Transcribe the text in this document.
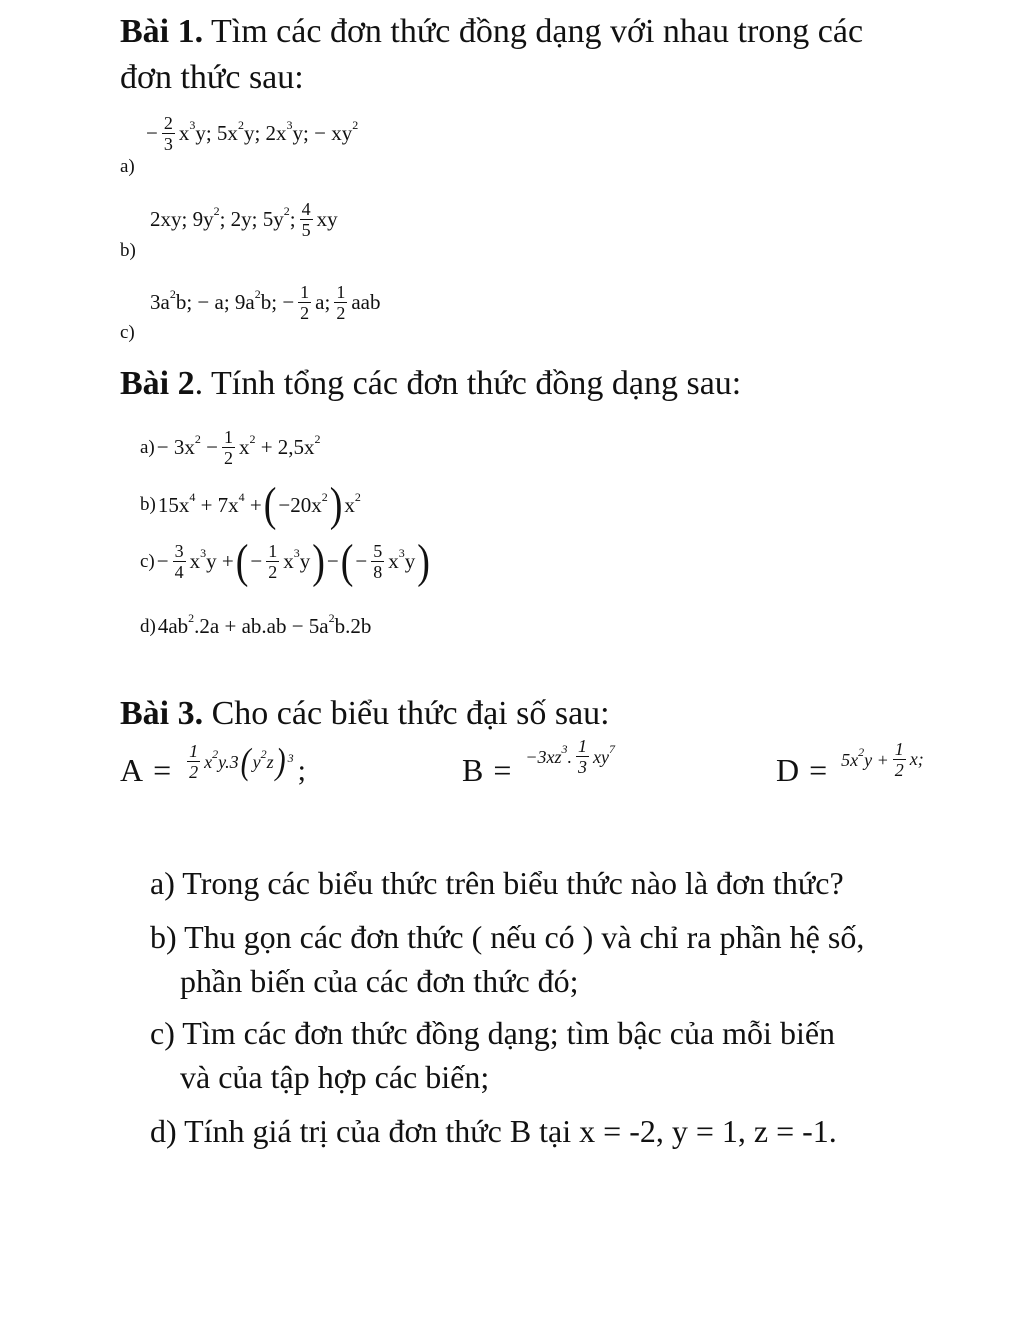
Bài 1. Tìm các đơn thức đồng dạng với nhau trong các
đơn thức sau:
a)
− $\frac{2}{3} x^3y$; $5x^2y$; $2x^3y$; − $xy^2$
b)
2xy; $9y^2$; 2y; $5y^2$; $\frac{4}{5}$ xy
c)
$3a^2b$; − a; $9a^2b$; − $\frac{1}{2} a$; $\frac{1}{2}$ aab
Bài 2. Tính tổng các đơn thức đồng dạng sau:
$a) - 3x^2 - \frac{1}{2} x^2 + 2,5x^2$
b) $15x^4 + 7x^4$ + ( $-20x^2$ ) $x^2$
$c) - \frac{3}{4} x^3y$ + ( − $\frac{1}{2} x^3y$ ) − ( − $\frac{5}{8} x^3y$ )
d) $4ab^2.2a + ab.ab - 5a^2b.2b$
Bài 3. Cho các biểu thức đại số sau:
$A = \frac{1}{2} x^2y.3$ ( $y^2z$ )$^3$ ;	$B = -3xz^3$. $\frac{1}{3} xy^7$
$D = 5x^2y + \frac{1}{2} x$;
a) Trong các biểu thức trên biểu thức nào là đơn thức?
b) Thu gọn các đơn thức ( nếu có ) và chỉ ra phần hệ số,
phần biến của các đơn thức đó;
c) Tìm các đơn thức đồng dạng; tìm bậc của mỗi biến
và của tập hợp các biến;
d) Tính giá trị của đơn thức B tại x = -2, y = 1, z = -1.
